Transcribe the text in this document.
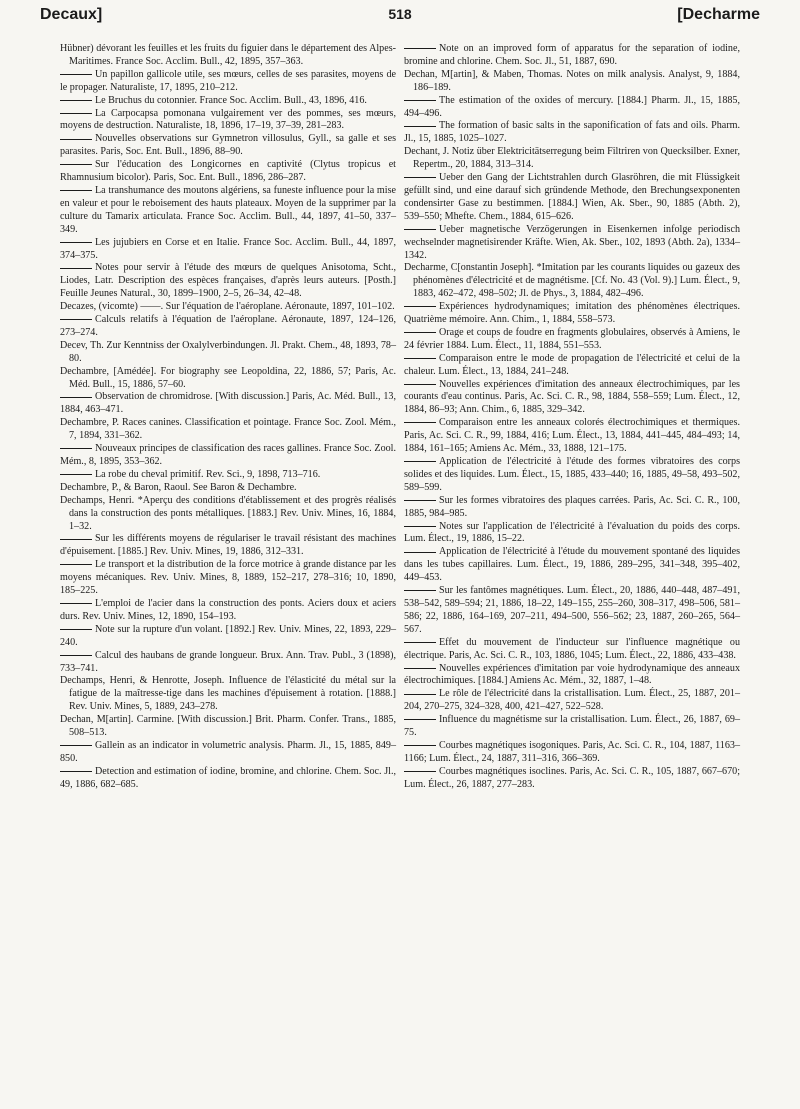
Decaux]	518	[Decharme

Hübner) dévorant les feuilles et les fruits du figuier dans le département des Alpes-Maritimes. France Soc. Acclim. Bull., 42, 1895, 357–363.

Un papillon gallicole utile, ses mœurs, celles de ses parasites, moyens de le propager. Naturaliste, 17, 1895, 210–212.

Le Bruchus du cotonnier. France Soc. Acclim. Bull., 43, 1896, 416.

La Carpocapsa pomonana vulgairement ver des pommes, ses mœurs, moyens de destruction. Naturaliste, 18, 1896, 17–19, 37–39, 281–283.

Nouvelles observations sur Gymnetron villosulus, Gyll., sa galle et ses parasites. Paris, Soc. Ent. Bull., 1896, 88–90.

Sur l'éducation des Longicornes en captivité (Clytus tropicus et Rhamnusium bicolor). Paris, Soc. Ent. Bull., 1896, 286–287.

La transhumance des moutons algériens, sa funeste influence pour la mise en valeur et pour le reboisement des hauts plateaux. Moyen de la supprimer par la culture du Tamarix articulata. France Soc. Acclim. Bull., 44, 1897, 41–50, 337–349.

Les jujubiers en Corse et en Italie. France Soc. Acclim. Bull., 44, 1897, 374–375.

Notes pour servir à l'étude des mœurs de quelques Anisotoma, Scht., Liodes, Latr. Description des espèces françaises, d'après leurs auteurs. [Posth.] Feuille Jeunes Natural., 30, 1899–1900, 2–5, 26–34, 42–48.

Decazes, (vicomte) ——. Sur l'équation de l'aéroplane. Aéronaute, 1897, 101–102.

Calculs relatifs à l'équation de l'aéroplane. Aéronaute, 1897, 124–126, 273–274.

Decev, Th. Zur Kenntniss der Oxalylverbindungen. Jl. Prakt. Chem., 48, 1893, 78–80.

Dechambre, [Amédée]. For biography see Leopoldina, 22, 1886, 57; Paris, Ac. Méd. Bull., 15, 1886, 57–60.

Observation de chromidrose. [With discussion.] Paris, Ac. Méd. Bull., 13, 1884, 463–471.

Dechambre, P. Races canines. Classification et pointage. France Soc. Zool. Mém., 7, 1894, 331–362.

Nouveaux principes de classification des races gallines. France Soc. Zool. Mém., 8, 1895, 353–362.

La robe du cheval primitif. Rev. Sci., 9, 1898, 713–716.

Dechambre, P., & Baron, Raoul. See Baron & Dechambre.

Dechamps, Henri. *Aperçu des conditions d'établissement et des progrès réalisés dans la construction des ponts métalliques. [1883.] Rev. Univ. Mines, 16, 1884, 1–32.

Sur les différents moyens de régulariser le travail résistant des machines d'épuisement. [1885.] Rev. Univ. Mines, 19, 1886, 312–331.

Le transport et la distribution de la force motrice à grande distance par les moyens mécaniques. Rev. Univ. Mines, 8, 1889, 152–217, 278–316; 10, 1890, 185–225.

L'emploi de l'acier dans la construction des ponts. Aciers doux et aciers durs. Rev. Univ. Mines, 12, 1890, 154–193.

Note sur la rupture d'un volant. [1892.] Rev. Univ. Mines, 22, 1893, 229–240.

Calcul des haubans de grande longueur. Brux. Ann. Trav. Publ., 3 (1898), 733–741.

Dechamps, Henri, & Henrotte, Joseph. Influence de l'élasticité du métal sur la fatigue de la maîtresse-tige dans les machines d'épuisement à rotation. [1888.] Rev. Univ. Mines, 5, 1889, 243–278.

Dechan, M[artin]. Carmine. [With discussion.] Brit. Pharm. Confer. Trans., 1885, 508–513.

Gallein as an indicator in volumetric analysis. Pharm. Jl., 15, 1885, 849–850.

Detection and estimation of iodine, bromine, and chlorine. Chem. Soc. Jl., 49, 1886, 682–685.

Note on an improved form of apparatus for the separation of iodine, bromine and chlorine. Chem. Soc. Jl., 51, 1887, 690.

Dechan, M[artin], & Maben, Thomas. Notes on milk analysis. Analyst, 9, 1884, 186–189.

The estimation of the oxides of mercury. [1884.] Pharm. Jl., 15, 1885, 494–496.

The formation of basic salts in the saponification of fats and oils. Pharm. Jl., 15, 1885, 1025–1027.

Dechant, J. Notiz über Elektricitätserregung beim Filtriren von Quecksilber. Exner, Repertm., 20, 1884, 313–314.

Ueber den Gang der Lichtstrahlen durch Glasröhren, die mit Flüssigkeit gefüllt sind, und eine darauf sich gründende Methode, den Brechungsexponenten condensirter Gase zu bestimmen. [1884.] Wien, Ak. Sber., 90, 1885 (Abth. 2), 539–550; Mhefte. Chem., 1884, 615–626.

Ueber magnetische Verzögerungen in Eisenkernen infolge periodisch wechselnder magnetisirender Kräfte. Wien, Ak. Sber., 102, 1893 (Abth. 2a), 1334–1342.

Decharme, C[onstantin Joseph]. *Imitation par les courants liquides ou gazeux des phénomènes d'électricité et de magnétisme. [Cf. No. 43 (Vol. 9).] Lum. Élect., 9, 1883, 462–472, 498–502; Jl. de Phys., 3, 1884, 482–496.

Expériences hydrodynamiques; imitation des phénomènes électriques. Quatrième mémoire. Ann. Chim., 1, 1884, 558–573.

Orage et coups de foudre en fragments globulaires, observés à Amiens, le 24 février 1884. Lum. Élect., 11, 1884, 551–553.

Comparaison entre le mode de propagation de l'électricité et celui de la chaleur. Lum. Élect., 13, 1884, 241–248.

Nouvelles expériences d'imitation des anneaux électrochimiques, par les courants d'eau continus. Paris, Ac. Sci. C. R., 98, 1884, 558–559; Lum. Élect., 12, 1884, 86–93; Ann. Chim., 6, 1885, 329–342.

Comparaison entre les anneaux colorés électrochimiques et thermiques. Paris, Ac. Sci. C. R., 99, 1884, 416; Lum. Élect., 13, 1884, 441–445, 484–493; 14, 1884, 161–165; Amiens Ac. Mém., 33, 1888, 121–175.

Application de l'électricité à l'étude des formes vibratoires des corps solides et des liquides. Lum. Élect., 15, 1885, 433–440; 16, 1885, 49–58, 493–502, 589–599.

Sur les formes vibratoires des plaques carrées. Paris, Ac. Sci. C. R., 100, 1885, 984–985.

Notes sur l'application de l'électricité à l'évaluation du poids des corps. Lum. Élect., 19, 1886, 15–22.

Application de l'électricité à l'étude du mouvement spontané des liquides dans les tubes capillaires. Lum. Élect., 19, 1886, 289–295, 341–348, 395–402, 449–453.

Sur les fantômes magnétiques. Lum. Élect., 20, 1886, 440–448, 487–491, 538–542, 589–594; 21, 1886, 18–22, 149–155, 255–260, 308–317, 498–506, 581–586; 22, 1886, 164–169, 207–211, 494–500, 556–562; 23, 1887, 260–265, 564–567.

Effet du mouvement de l'inducteur sur l'influence magnétique ou électrique. Paris, Ac. Sci. C. R., 103, 1886, 1045; Lum. Élect., 22, 1886, 433–438.

Nouvelles expériences d'imitation par voie hydrodynamique des anneaux électrochimiques. [1884.] Amiens Ac. Mém., 32, 1887, 1–48.

Le rôle de l'électricité dans la cristallisation. Lum. Élect., 25, 1887, 201–204, 270–275, 324–328, 400, 421–427, 522–528.

Influence du magnétisme sur la cristallisation. Lum. Élect., 26, 1887, 69–75.

Courbes magnétiques isogoniques. Paris, Ac. Sci. C. R., 104, 1887, 1163–1166; Lum. Élect., 24, 1887, 311–316, 366–369.

Courbes magnétiques isoclines. Paris, Ac. Sci. C. R., 105, 1887, 667–670; Lum. Élect., 26, 1887, 277–283.
